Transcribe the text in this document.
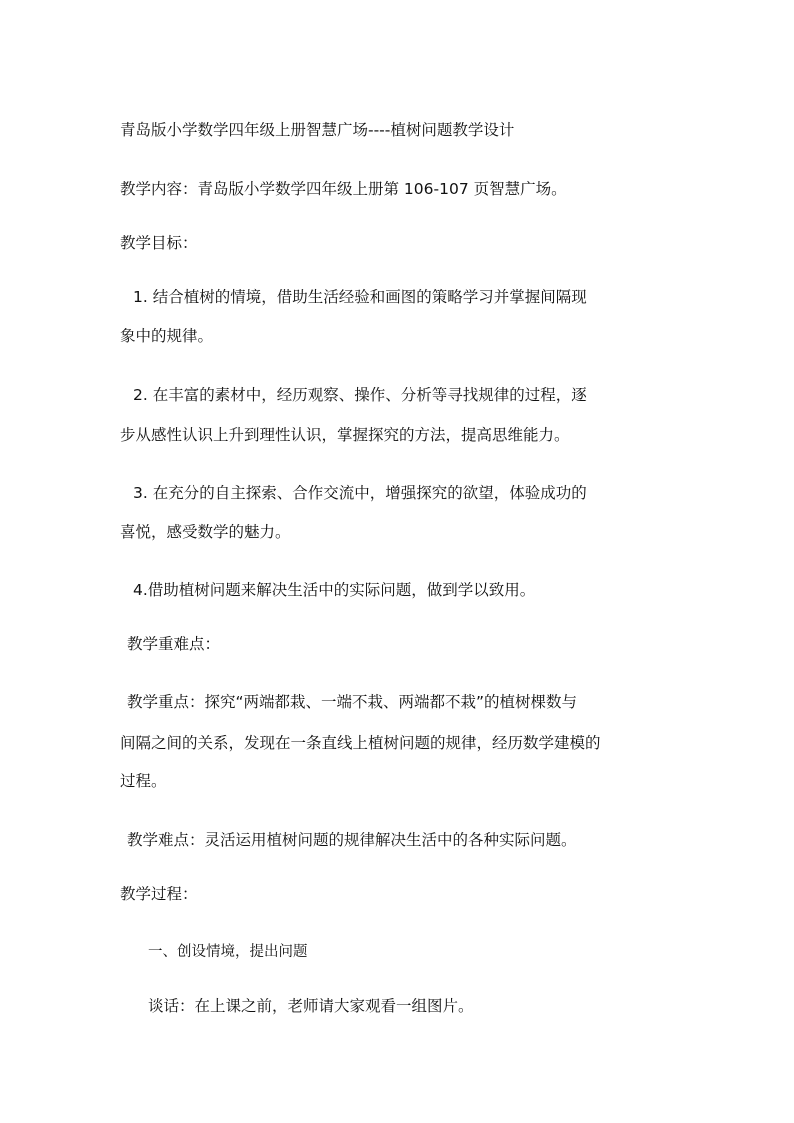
青岛版小学数学四年级上册智慧广场----植树问题教学设计
教学内容：青岛版小学数学四年级上册第 106-107 页智慧广场。
教学目标：
1. 结合植树的情境，借助生活经验和画图的策略学习并掌握间隔现
象中的规律。
2. 在丰富的素材中，经历观察、操作、分析等寻找规律的过程，逐
步从感性认识上升到理性认识，掌握探究的方法，提高思维能力。
3. 在充分的自主探索、合作交流中，增强探究的欲望，体验成功的
喜悦，感受数学的魅力。
4.借助植树问题来解决生活中的实际问题，做到学以致用。
教学重难点：
教学重点：探究“两端都栽、一端不栽、两端都不栽”的植树棵数与
间隔之间的关系，发现在一条直线上植树问题的规律，经历数学建模的
过程。
教学难点：灵活运用植树问题的规律解决生活中的各种实际问题。
教学过程：
一、创设情境，提出问题
谈话：在上课之前，老师请大家观看一组图片。
